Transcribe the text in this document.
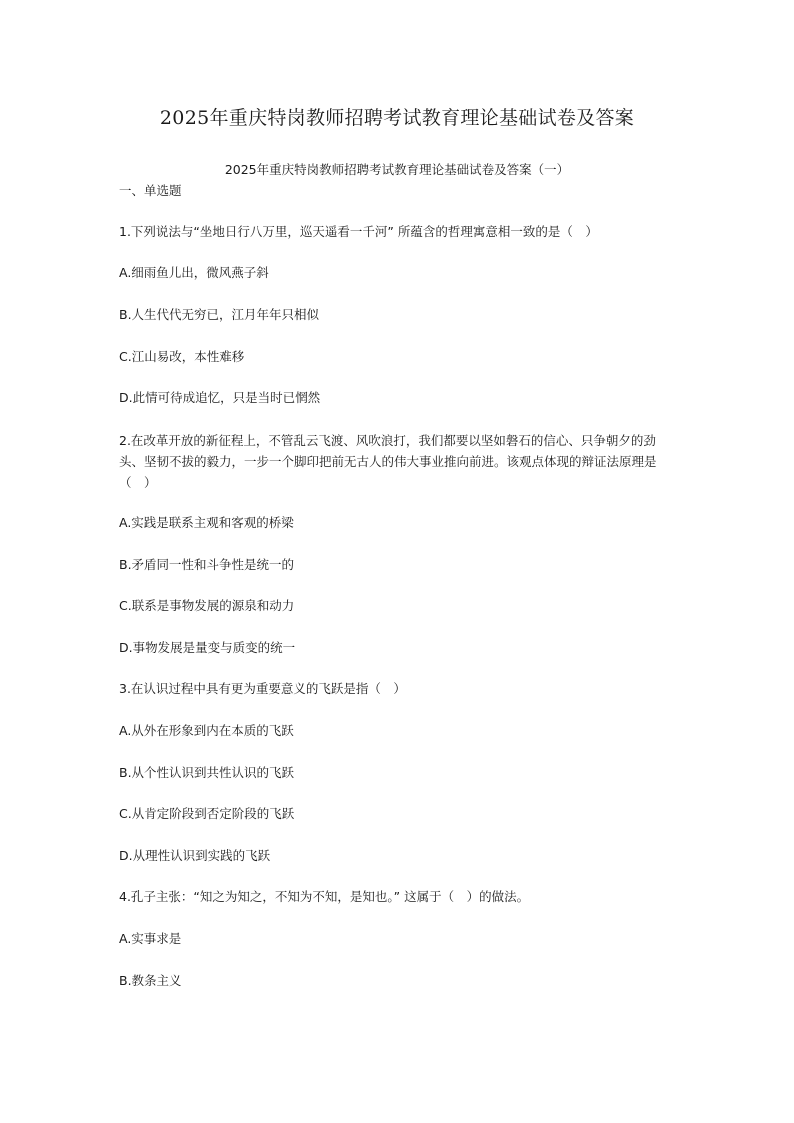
2025年重庆特岗教师招聘考试教育理论基础试卷及答案
2025年重庆特岗教师招聘考试教育理论基础试卷及答案（一）
一、单选题
1.下列说法与“坐地日行八万里，巡天遥看一千河” 所蕴含的哲理寓意相一致的是（　）
A.细雨鱼儿出，微风燕子斜
B.人生代代无穷已，江月年年只相似
C.江山易改，本性难移
D.此情可待成追忆，只是当时已惘然
2.在改革开放的新征程上，不管乱云飞渡、风吹浪打，我们都要以坚如磐石的信心、只争朝夕的劲头、坚韧不拔的毅力，一步一个脚印把前无古人的伟大事业推向前进。该观点体现的辩证法原理是（　）
A.实践是联系主观和客观的桥梁
B.矛盾同一性和斗争性是统一的
C.联系是事物发展的源泉和动力
D.事物发展是量变与质变的统一
3.在认识过程中具有更为重要意义的飞跃是指（　）
A.从外在形象到内在本质的飞跃
B.从个性认识到共性认识的飞跃
C.从肯定阶段到否定阶段的飞跃
D.从理性认识到实践的飞跃
4.孔子主张：“知之为知之，不知为不知，是知也。” 这属于（　）的做法。
A.实事求是
B.教条主义
